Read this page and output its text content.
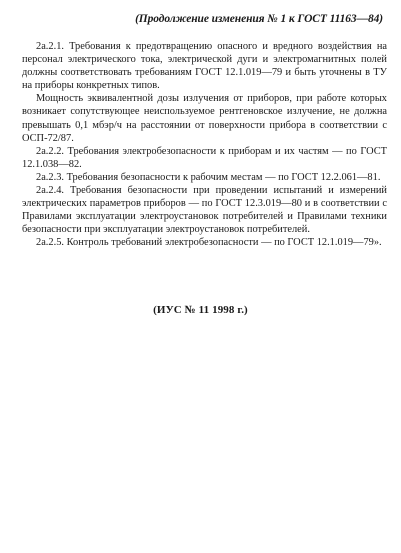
(Продолжение изменения № 1 к ГОСТ 11163—84)

2а.2.1. Требования к предотвращению опасного и вредного воздействия на персонал электрического тока, электрической дуги и электромагнитных полей должны соответствовать требованиям ГОСТ 12.1.019—79 и быть уточнены в ТУ на приборы конкретных типов.

Мощность эквивалентной дозы излучения от приборов, при работе которых возникает сопутствующее неиспользуемое рентгеновское излучение, не должна превышать 0,1 мбэр/ч на расстоянии от поверхности прибора в соответствии с ОСП-72/87.

2а.2.2. Требования электробезопасности к приборам и их частям — по ГОСТ 12.1.038—82.

2а.2.3. Требования безопасности к рабочим местам — по ГОСТ 12.2.061—81.

2а.2.4. Требования безопасности при проведении испытаний и измерений электрических параметров приборов — по ГОСТ 12.3.019—80 и в соответствии с Правилами эксплуатации электроустановок потребителей и Правилами техники безопасности при эксплуатации электроустановок потребителей.

2а.2.5. Контроль требований электробезопасности — по ГОСТ 12.1.019—79».

(ИУС № 11 1998 г.)
